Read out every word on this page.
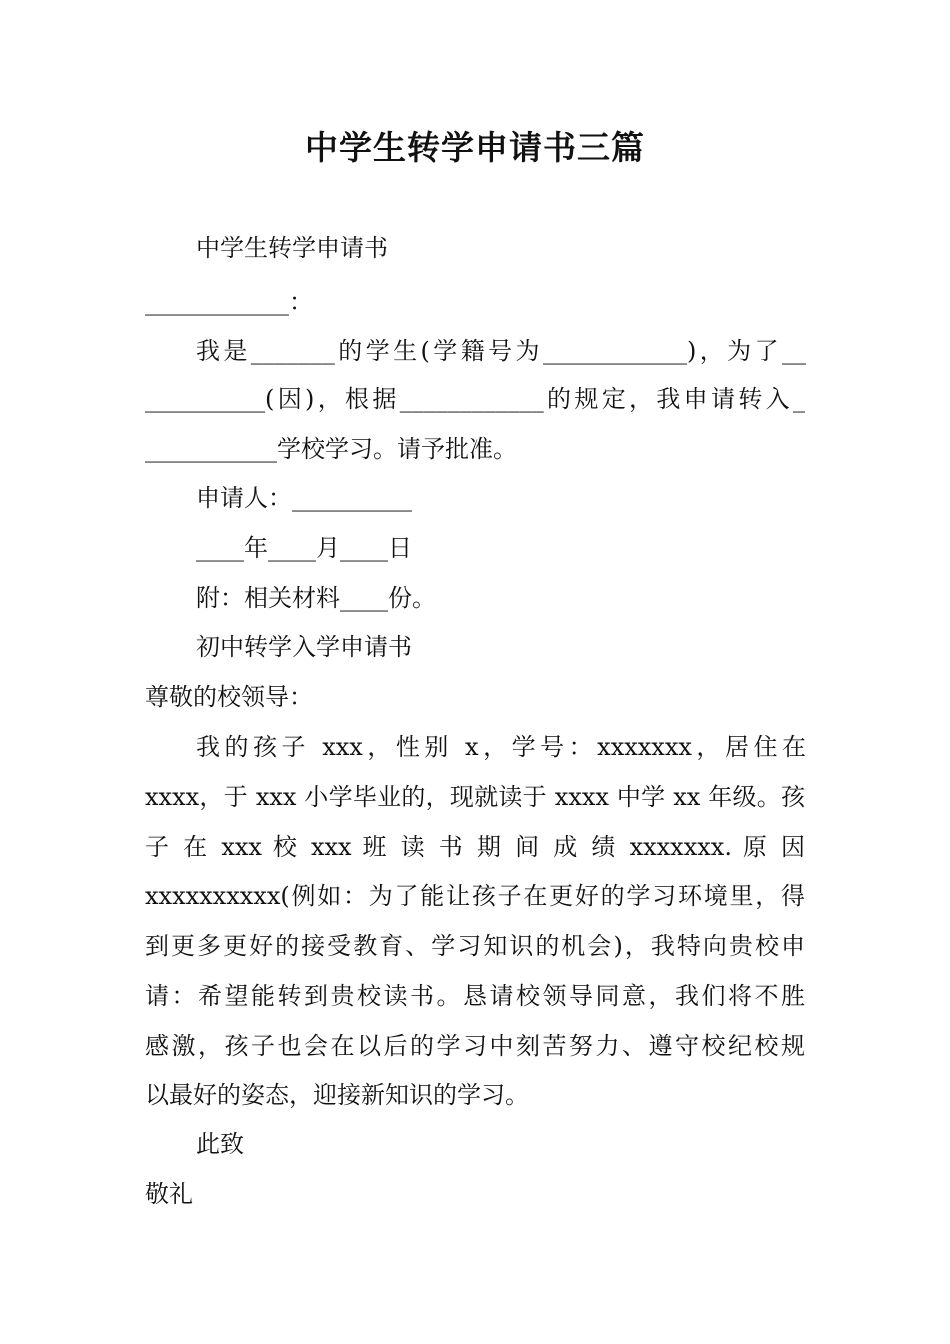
中学生转学申请书三篇
中学生转学申请书
____________：
我是_______的学生(学籍号为____________)，为了__
__________(因)，根据____________的规定，我申请转入_
___________学校学习。请予批准。
申请人：__________
____年____月____日
附：相关材料____份。
初中转学入学申请书
尊敬的校领导：
我的孩子 xxx，性别 x，学号：xxxxxxx，居住在
xxxx，于 xxx 小学毕业的，现就读于 xxxx 中学 xx 年级。孩
子 在 xxx 校 xxx 班 读 书 期 间 成 绩 xxxxxxx. 原 因
xxxxxxxxxx(例如：为了能让孩子在更好的学习环境里，得
到更多更好的接受教育、学习知识的机会)，我特向贵校申
请：希望能转到贵校读书。恳请校领导同意，我们将不胜
感激，孩子也会在以后的学习中刻苦努力、遵守校纪校规
以最好的姿态，迎接新知识的学习。
此致
敬礼
